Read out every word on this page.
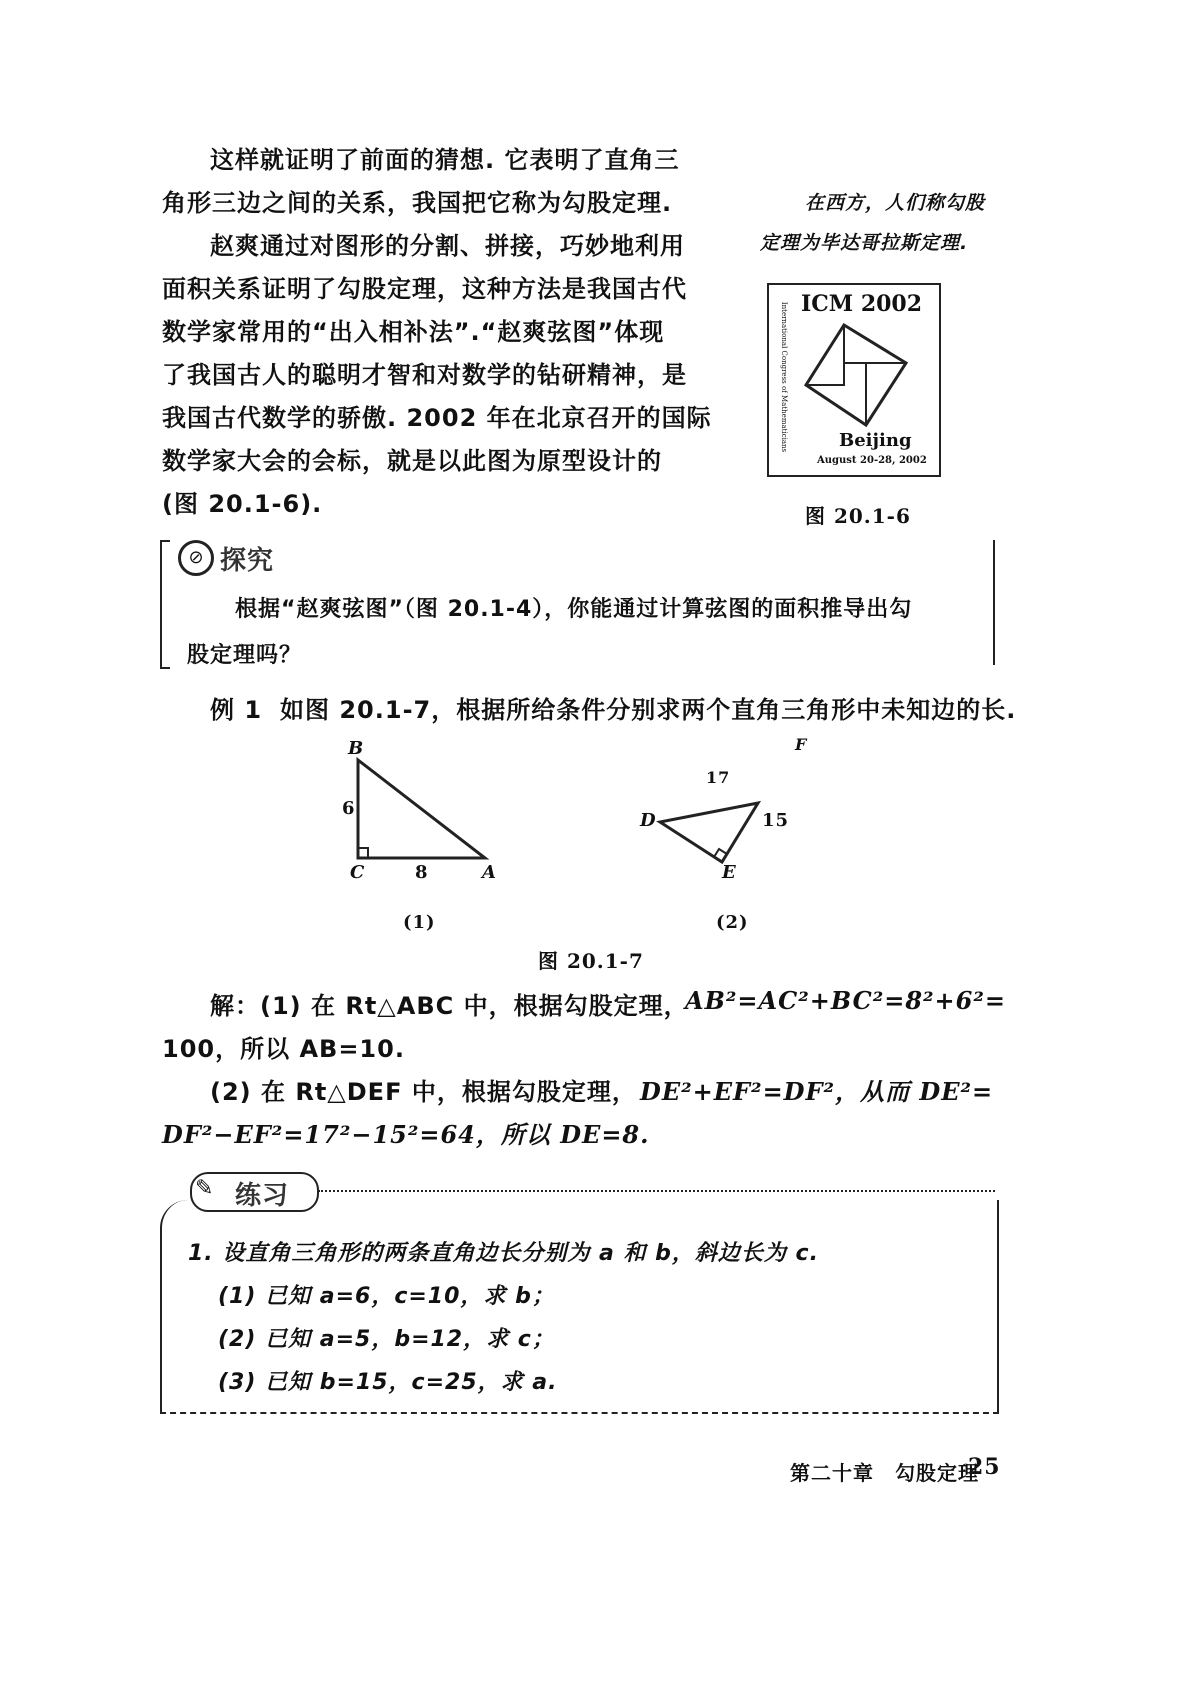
这样就证明了前面的猜想. 它表明了直角三
角形三边之间的关系，我国把它称为勾股定理.
赵爽通过对图形的分割、拼接，巧妙地利用
面积关系证明了勾股定理，这种方法是我国古代
数学家常用的“出入相补法”.“赵爽弦图”体现
了我国古人的聪明才智和对数学的钻研精神，是
我国古代数学的骄傲. 2002 年在北京召开的国际
数学家大会的会标，就是以此图为原型设计的
(图 20.1-6).
在西方，人们称勾股
定理为毕达哥拉斯定理.
ICM 2002
Beijing
August 20-28, 2002
International Congress of Mathematicians
图 20.1-6
⊘ 探究
根据“赵爽弦图”（图 20.1-4），你能通过计算弦图的面积推导出勾
股定理吗？
例 1 如图 20.1-7，根据所给条件分别求两个直角三角形中未知边的长.
B
C	A
6
8
D
E
F
15
17
(1)	(2)
图 20.1-7
解：(1) 在 Rt△ABC 中，根据勾股定理，
AB²=AC²+BC²=8²+6²=
100，所以 AB=10.
(2) 在 Rt△DEF 中，根据勾股定理， DE²+EF²=DF²，从而 DE²=
DF²−EF²=17²−15²=64，所以 DE=8.
✎ 练习
1. 设直角三角形的两条直角边长分别为 a 和 b，斜边长为 c.
(1) 已知 a=6，c=10，求 b；
(2) 已知 a=5，b=12，求 c；
(3) 已知 b=15，c=25，求 a.
第二十章　勾股定理
25
